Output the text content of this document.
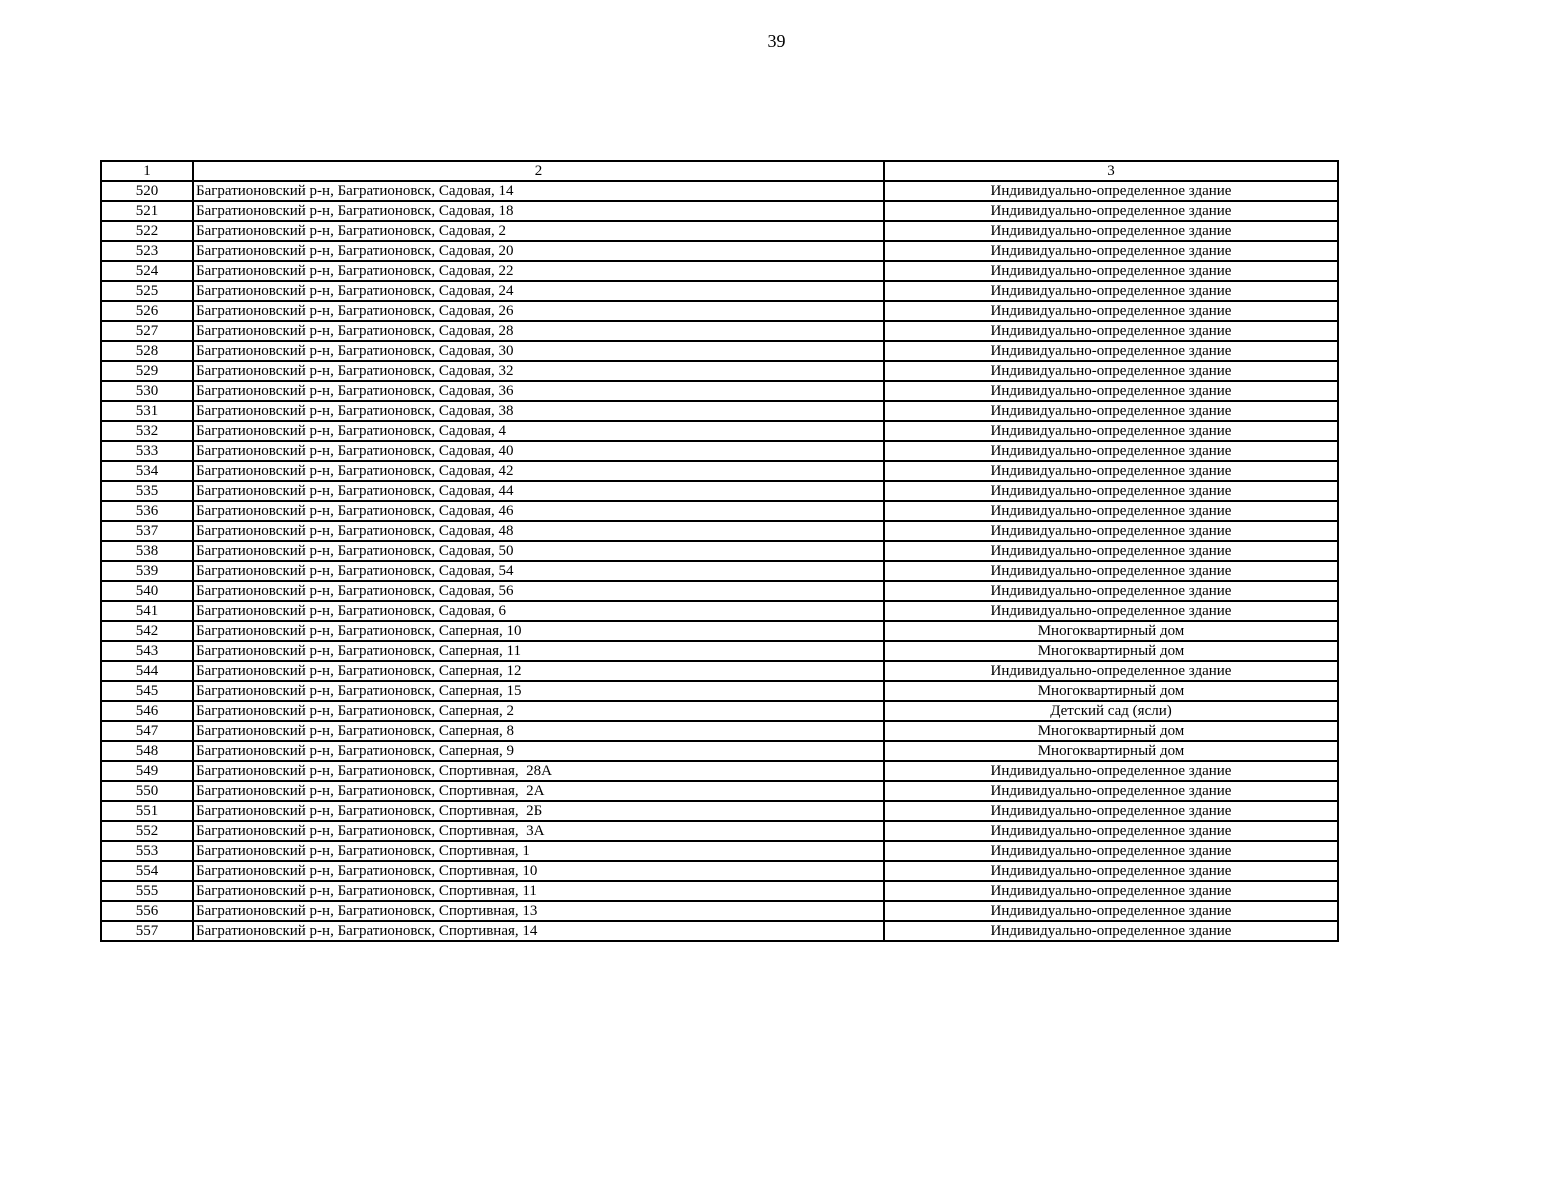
39
1	2	3
520	Багратионовский р-н, Багратионовск, Садовая, 14	Индивидуально-определенное здание
521	Багратионовский р-н, Багратионовск, Садовая, 18	Индивидуально-определенное здание
522	Багратионовский р-н, Багратионовск, Садовая, 2	Индивидуально-определенное здание
523	Багратионовский р-н, Багратионовск, Садовая, 20	Индивидуально-определенное здание
524	Багратионовский р-н, Багратионовск, Садовая, 22	Индивидуально-определенное здание
525	Багратионовский р-н, Багратионовск, Садовая, 24	Индивидуально-определенное здание
526	Багратионовский р-н, Багратионовск, Садовая, 26	Индивидуально-определенное здание
527	Багратионовский р-н, Багратионовск, Садовая, 28	Индивидуально-определенное здание
528	Багратионовский р-н, Багратионовск, Садовая, 30	Индивидуально-определенное здание
529	Багратионовский р-н, Багратионовск, Садовая, 32	Индивидуально-определенное здание
530	Багратионовский р-н, Багратионовск, Садовая, 36	Индивидуально-определенное здание
531	Багратионовский р-н, Багратионовск, Садовая, 38	Индивидуально-определенное здание
532	Багратионовский р-н, Багратионовск, Садовая, 4	Индивидуально-определенное здание
533	Багратионовский р-н, Багратионовск, Садовая, 40	Индивидуально-определенное здание
534	Багратионовский р-н, Багратионовск, Садовая, 42	Индивидуально-определенное здание
535	Багратионовский р-н, Багратионовск, Садовая, 44	Индивидуально-определенное здание
536	Багратионовский р-н, Багратионовск, Садовая, 46	Индивидуально-определенное здание
537	Багратионовский р-н, Багратионовск, Садовая, 48	Индивидуально-определенное здание
538	Багратионовский р-н, Багратионовск, Садовая, 50	Индивидуально-определенное здание
539	Багратионовский р-н, Багратионовск, Садовая, 54	Индивидуально-определенное здание
540	Багратионовский р-н, Багратионовск, Садовая, 56	Индивидуально-определенное здание
541	Багратионовский р-н, Багратионовск, Садовая, 6	Индивидуально-определенное здание
542	Багратионовский р-н, Багратионовск, Саперная, 10	Многоквартирный дом
543	Багратионовский р-н, Багратионовск, Саперная, 11	Многоквартирный дом
544	Багратионовский р-н, Багратионовск, Саперная, 12	Индивидуально-определенное здание
545	Багратионовский р-н, Багратионовск, Саперная, 15	Многоквартирный дом
546	Багратионовский р-н, Багратионовск, Саперная, 2	Детский сад (ясли)
547	Багратионовский р-н, Багратионовск, Саперная, 8	Многоквартирный дом
548	Багратионовский р-н, Багратионовск, Саперная, 9	Многоквартирный дом
549	Багратионовский р-н, Багратионовск, Спортивная,  28А	Индивидуально-определенное здание
550	Багратионовский р-н, Багратионовск, Спортивная,  2А	Индивидуально-определенное здание
551	Багратионовский р-н, Багратионовск, Спортивная,  2Б	Индивидуально-определенное здание
552	Багратионовский р-н, Багратионовск, Спортивная,  3А	Индивидуально-определенное здание
553	Багратионовский р-н, Багратионовск, Спортивная, 1	Индивидуально-определенное здание
554	Багратионовский р-н, Багратионовск, Спортивная, 10	Индивидуально-определенное здание
555	Багратионовский р-н, Багратионовск, Спортивная, 11	Индивидуально-определенное здание
556	Багратионовский р-н, Багратионовск, Спортивная, 13	Индивидуально-определенное здание
557	Багратионовский р-н, Багратионовск, Спортивная, 14	Индивидуально-определенное здание
